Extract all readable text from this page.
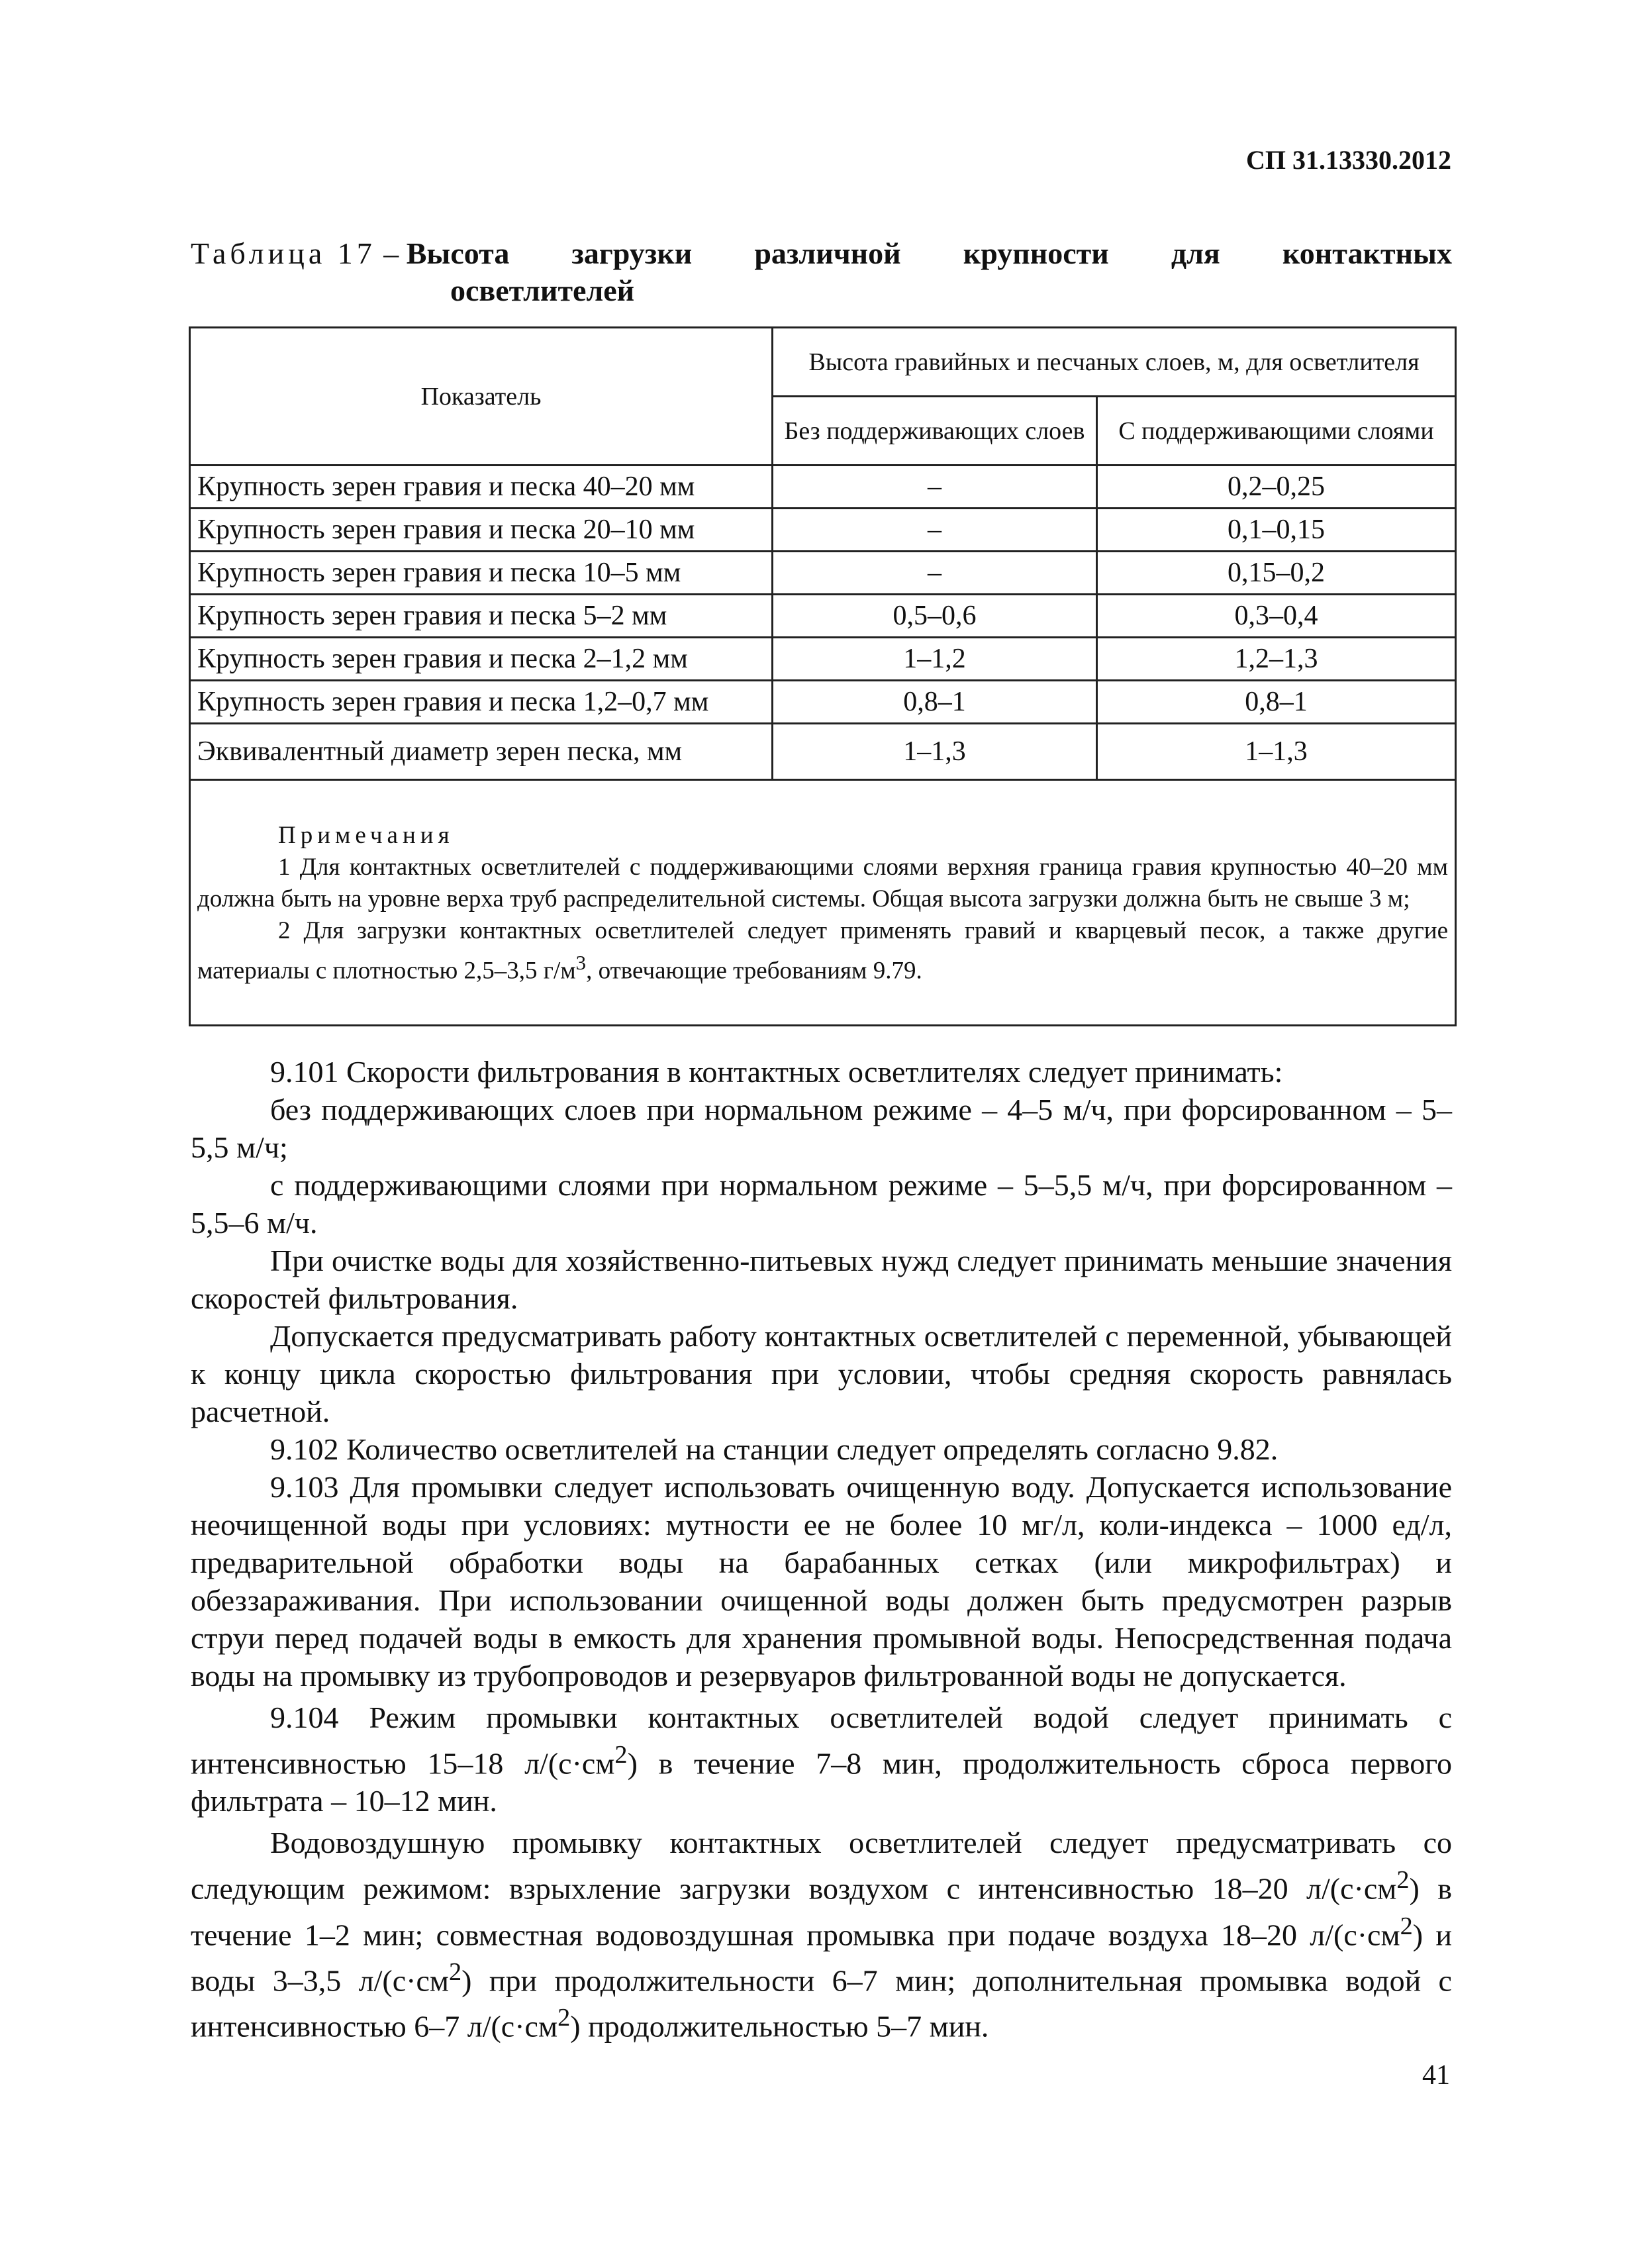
СП 31.13330.2012
Таблица 17 – Высота загрузки различной крупности для контактных
осветлителей
Показатель	Высота гравийных и песчаных слоев, м, для осветлителя	
	Без поддерживающих слоев	С поддерживающими слоями
Крупность зерен гравия и песка 40–20 мм	–	0,2–0,25
Крупность зерен гравия и песка 20–10 мм	–	0,1–0,15
Крупность зерен гравия и песка 10–5 мм	–	0,15–0,2
Крупность зерен гравия и песка 5–2 мм	0,5–0,6	0,3–0,4
Крупность зерен гравия и песка 2–1,2 мм	1–1,2	1,2–1,3
Крупность зерен гравия и песка 1,2–0,7 мм	0,8–1	0,8–1
Эквивалентный диаметр зерен песка, мм	1–1,3	1–1,3

Примечания
1 Для контактных осветлителей с поддерживающими слоями верхняя граница гравия крупностью 40–20 мм должна быть на уровне верха труб распределительной системы. Общая высота загрузки должна быть не свыше 3 м;
2 Для загрузки контактных осветлителей следует применять гравий и кварцевый песок, а также другие материалы с плотностью 2,5–3,5 $г/м^3$, отвечающие требованиям 9.79.		

9.101 Скорости фильтрования в контактных осветлителях следует принимать:

без поддерживающих слоев при нормальном режиме – 4–5 м/ч, при форсированном – 5–5,5 м/ч;

с поддерживающими слоями при нормальном режиме – 5–5,5 м/ч, при форсированном – 5,5–6 м/ч.

При очистке воды для хозяйственно-питьевых нужд следует принимать меньшие значения скоростей фильтрования.

Допускается предусматривать работу контактных осветлителей с переменной, убывающей к концу цикла скоростью фильтрования при условии, чтобы средняя скорость равнялась расчетной.

9.102 Количество осветлителей на станции следует определять согласно 9.82.

9.103 Для промывки следует использовать очищенную воду. Допускается использование неочищенной воды при условиях: мутности ее не более 10 мг/л, коли-индекса – 1000 ед/л, предварительной обработки воды на барабанных сетках (или микрофильтрах) и обеззараживания. При использовании очищенной воды должен быть предусмотрен разрыв струи перед подачей воды в емкость для хранения промывной воды. Непосредственная подача воды на промывку из трубопроводов и резервуаров фильтрованной воды не допускается.

9.104 Режим промывки контактных осветлителей водой следует принимать с интенсивностью 15–18 $л/(с\cdot см^2)$ в течение 7–8 мин, продолжительность сброса первого фильтрата – 10–12 мин.

Водовоздушную промывку контактных осветлителей следует предусматривать со следующим режимом: взрыхление загрузки воздухом с интенсивностью 18–20 $л/(с\cdot см^2)$ в течение 1–2 мин; совместная водовоздушная промывка при подаче воздуха 18–20 $л/(с\cdot см^2)$ и воды 3–3,5 $л/(с\cdot см^2)$ при продолжительности 6–7 мин; дополнительная промывка водой с интенсивностью 6–7 $л/(с\cdot см^2)$ продолжительностью 5–7 мин.

41
